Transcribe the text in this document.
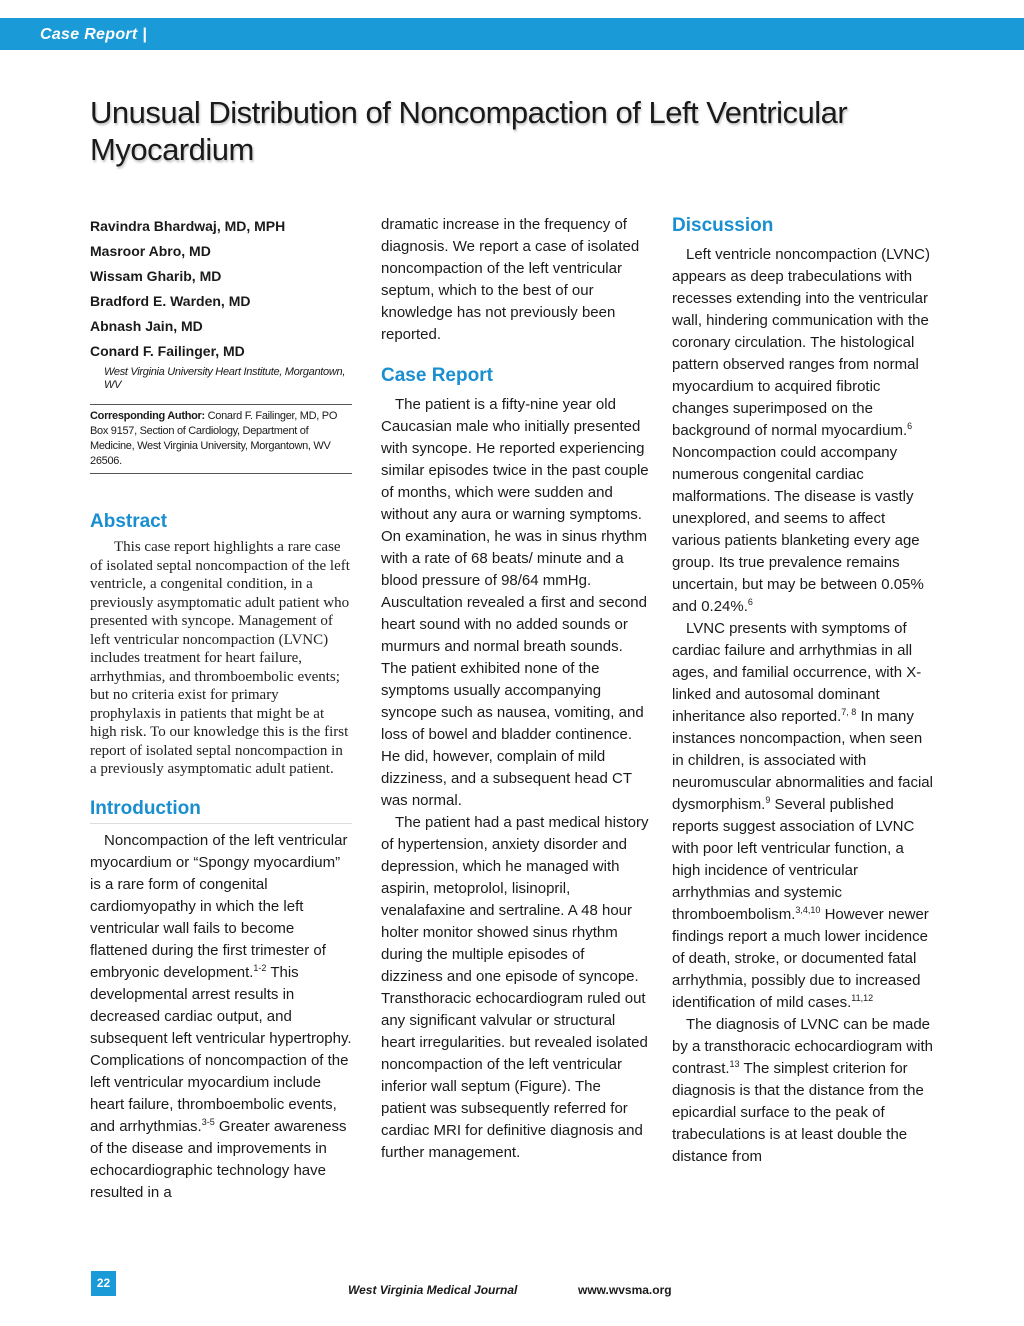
Case Report |
Unusual Distribution of Noncompaction of Left Ventricular Myocardium
Ravindra Bhardwaj, MD, MPH
Masroor Abro, MD
Wissam Gharib, MD
Bradford E. Warden, MD
Abnash Jain, MD
Conard F. Failinger, MD
West Virginia University Heart Institute, Morgantown, WV
Corresponding Author: Conard F. Failinger, MD, PO Box 9157, Section of Cardiology, Department of Medicine, West Virginia University, Morgantown, WV 26506.
Abstract

This case report highlights a rare case of isolated septal noncompaction of the left ventricle, a congenital condition, in a previously asymptomatic adult patient who presented with syncope. Management of left ventricular noncompaction (LVNC) includes treatment for heart failure, arrhythmias, and thromboembolic events; but no criteria exist for primary prophylaxis in patients that might be at high risk. To our knowledge this is the first report of isolated septal noncompaction in a previously asymptomatic adult patient.

Introduction

Noncompaction of the left ventricular myocardium or “Spongy myocardium” is a rare form of congenital cardiomyopathy in which the left ventricular wall fails to become flattened during the first trimester of embryonic development.$^{1-2}$ This developmental arrest results in decreased cardiac output, and subsequent left ventricular hypertrophy. Complications of noncompaction of the left ventricular myocardium include heart failure, thromboembolic events, and arrhythmias.$^{3-5}$ Greater awareness of the disease and improvements in echocardiographic technology have resulted in a

dramatic increase in the frequency of diagnosis. We report a case of isolated noncompaction of the left ventricular septum, which to the best of our knowledge has not previously been reported.

Case Report

The patient is a fifty-nine year old Caucasian male who initially presented with syncope. He reported experiencing similar episodes twice in the past couple of months, which were sudden and without any aura or warning symptoms. On examination, he was in sinus rhythm with a rate of 68 beats/ minute and a blood pressure of 98/64 mmHg. Auscultation revealed a first and second heart sound with no added sounds or murmurs and normal breath sounds. The patient exhibited none of the symptoms usually accompanying syncope such as nausea, vomiting, and loss of bowel and bladder continence. He did, however, complain of mild dizziness, and a subsequent head CT was normal.

The patient had a past medical history of hypertension, anxiety disorder and depression, which he managed with aspirin, metoprolol, lisinopril, venalafaxine and sertraline. A 48 hour holter monitor showed sinus rhythm during the multiple episodes of dizziness and one episode of syncope. Transthoracic echocardiogram ruled out any significant valvular or structural heart irregularities. but revealed isolated noncompaction of the left ventricular inferior wall septum (Figure). The patient was subsequently referred for cardiac MRI for definitive diagnosis and further management.

Discussion

Left ventricle noncompaction (LVNC) appears as deep trabeculations with recesses extending into the ventricular wall, hindering communication with the coronary circulation. The histological pattern observed ranges from normal myocardium to acquired fibrotic changes superimposed on the background of normal myocardium.$^6$ Noncompaction could accompany numerous congenital cardiac malformations. The disease is vastly unexplored, and seems to affect various patients blanketing every age group. Its true prevalence remains uncertain, but may be between 0.05% and 0.24%.$^6$

LVNC presents with symptoms of cardiac failure and arrhythmias in all ages, and familial occurrence, with X-linked and autosomal dominant inheritance also reported.$^{7, 8}$ In many instances noncompaction, when seen in children, is associated with neuromuscular abnormalities and facial dysmorphism.$^9$ Several published reports suggest association of LVNC with poor left ventricular function, a high incidence of ventricular arrhythmias and systemic thromboembolism.$^{3,4,10}$ However newer findings report a much lower incidence of death, stroke, or documented fatal arrhythmia, possibly due to increased identification of mild cases.$^{11,12}$

The diagnosis of LVNC can be made by a transthoracic echocardiogram with contrast.$^{13}$ The simplest criterion for diagnosis is that the distance from the epicardial surface to the peak of trabeculations is at least double the distance from

22	West Virginia Medical Journal	www.wvsma.org
